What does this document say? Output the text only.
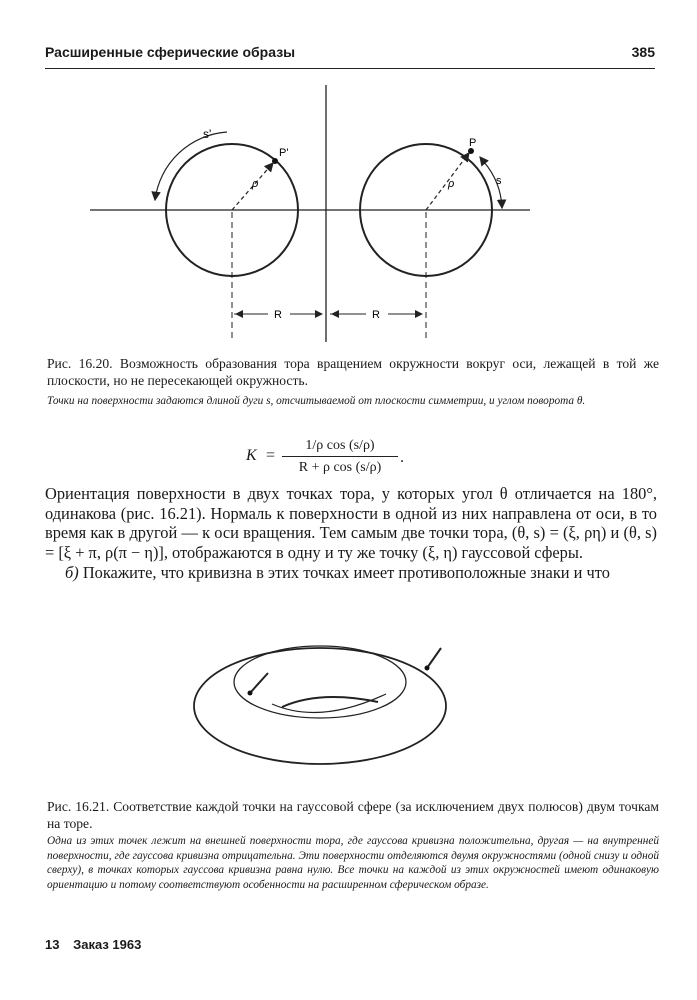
Расширенные сферические образы	385
s'
P'
ρ
P
s
ρ
R	R
Рис. 16.20. Возможность образования тора вращением окружности вокруг оси, лежащей в той же плоскости, но не пересекающей окружность.
Точки на поверхности задаются длиной дуги s, отсчитываемой от плоскости симметрии, и углом поворота θ.
K =
1/ρ cos (s/ρ)
R + ρ cos (s/ρ)
.

Ориентация поверхности в двух точках тора, у которых угол θ отличается на 180°, одинакова (рис. 16.21). Нормаль к поверхности в одной из них направлена от оси, в то время как в другой — к оси вращения. Тем самым две точки тора, (θ, s) = (ξ, ρη) и (θ, s) = [ξ + π, ρ(π − η)], отображаются в одну и ту же точку (ξ, η) гауссовой сферы.

б) Покажите, что кривизна в этих точках имеет противоположные знаки и что

Рис. 16.21. Соответствие каждой точки на гауссовой сфере (за исключением двух полюсов) двум точкам на торе.
Одна из этих точек лежит на внешней поверхности тора, где гауссова кривизна положительна, другая — на внутренней поверхности, где гауссова кривизна отрицательна. Эти поверхности отделяются двумя окружностями (одной снизу и одной сверху), в точках которых гауссова кривизна равна нулю. Все точки на каждой из этих окружностей имеют одинаковую ориентацию и потому соответствуют особенности на расширенном сферическом образе.
13 Заказ 1963
